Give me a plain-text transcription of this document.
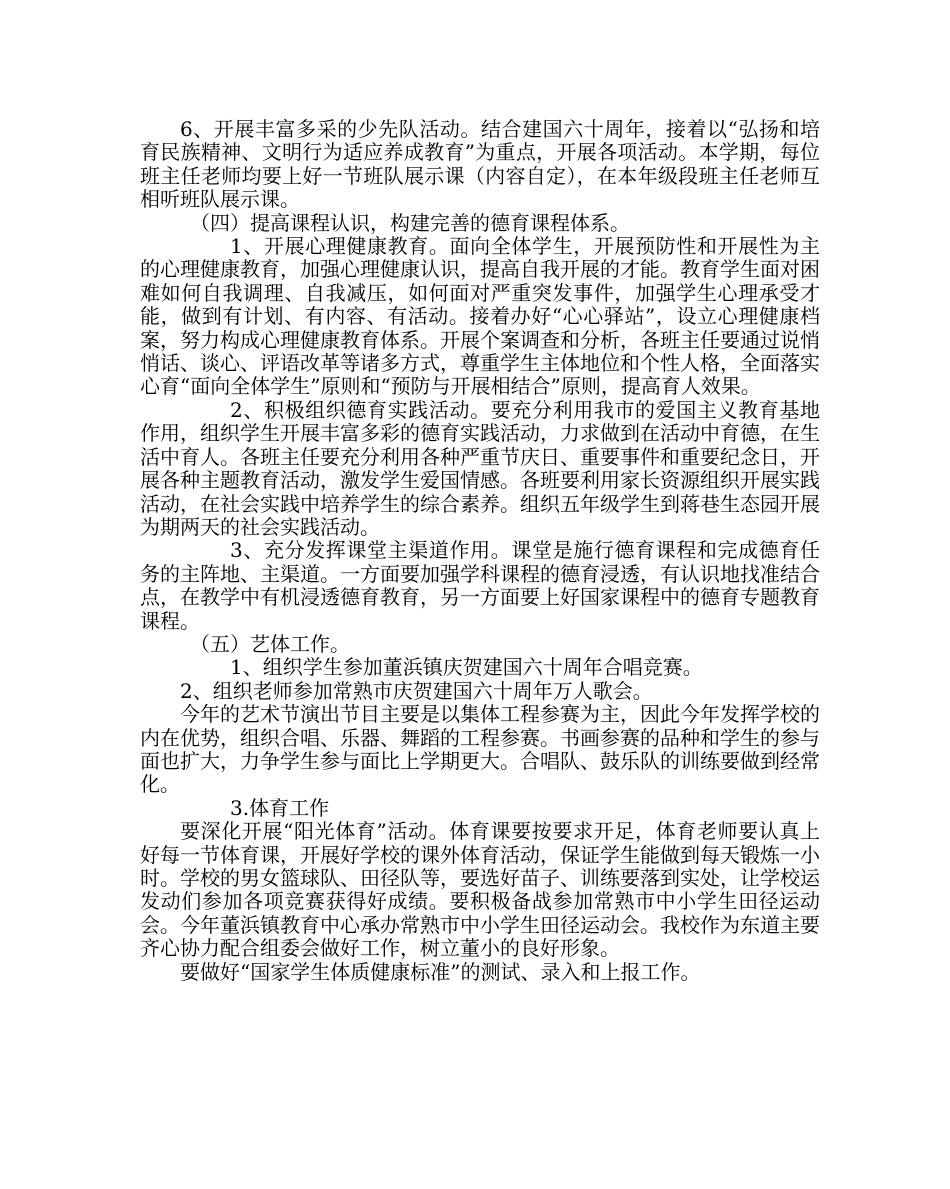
6、开展丰富多采的少先队活动。结合建国六十周年，接着以“弘扬和培育民族精神、文明行为适应养成教育”为重点，开展各项活动。本学期，每位班主任老师均要上好一节班队展示课（内容自定），在本年级段班主任老师互相听班队展示课。

（四）提高课程认识，构建完善的德育课程体系。

1、开展心理健康教育。面向全体学生，开展预防性和开展性为主的心理健康教育，加强心理健康认识，提高自我开展的才能。教育学生面对困难如何自我调理、自我减压，如何面对严重突发事件，加强学生心理承受才能，做到有计划、有内容、有活动。接着办好“心心驿站”，设立心理健康档案，努力构成心理健康教育体系。开展个案调查和分析，各班主任要通过说悄悄话、谈心、评语改革等诸多方式，尊重学生主体地位和个性人格，全面落实心育“面向全体学生”原则和“预防与开展相结合”原则，提高育人效果。

2、积极组织德育实践活动。要充分利用我市的爱国主义教育基地作用，组织学生开展丰富多彩的德育实践活动，力求做到在活动中育德，在生活中育人。各班主任要充分利用各种严重节庆日、重要事件和重要纪念日，开展各种主题教育活动，激发学生爱国情感。各班要利用家长资源组织开展实践活动，在社会实践中培养学生的综合素养。组织五年级学生到蒋巷生态园开展为期两天的社会实践活动。

3、充分发挥课堂主渠道作用。课堂是施行德育课程和完成德育任务的主阵地、主渠道。一方面要加强学科课程的德育浸透，有认识地找准结合点，在教学中有机浸透德育教育，另一方面要上好国家课程中的德育专题教育课程。

（五）艺体工作。

1、组织学生参加董浜镇庆贺建国六十周年合唱竞赛。

2、组织老师参加常熟市庆贺建国六十周年万人歌会。

今年的艺术节演出节目主要是以集体工程参赛为主，因此今年发挥学校的内在优势，组织合唱、乐器、舞蹈的工程参赛。书画参赛的品种和学生的参与面也扩大，力争学生参与面比上学期更大。合唱队、鼓乐队的训练要做到经常化。

3.体育工作

要深化开展“阳光体育”活动。体育课要按要求开足，体育老师要认真上好每一节体育课，开展好学校的课外体育活动，保证学生能做到每天锻炼一小时。学校的男女篮球队、田径队等，要选好苗子、训练要落到实处，让学校运发动们参加各项竞赛获得好成绩。要积极备战参加常熟市中小学生田径运动会。今年董浜镇教育中心承办常熟市中小学生田径运动会。我校作为东道主要齐心协力配合组委会做好工作，树立董小的良好形象。

要做好“国家学生体质健康标准”的测试、录入和上报工作。
